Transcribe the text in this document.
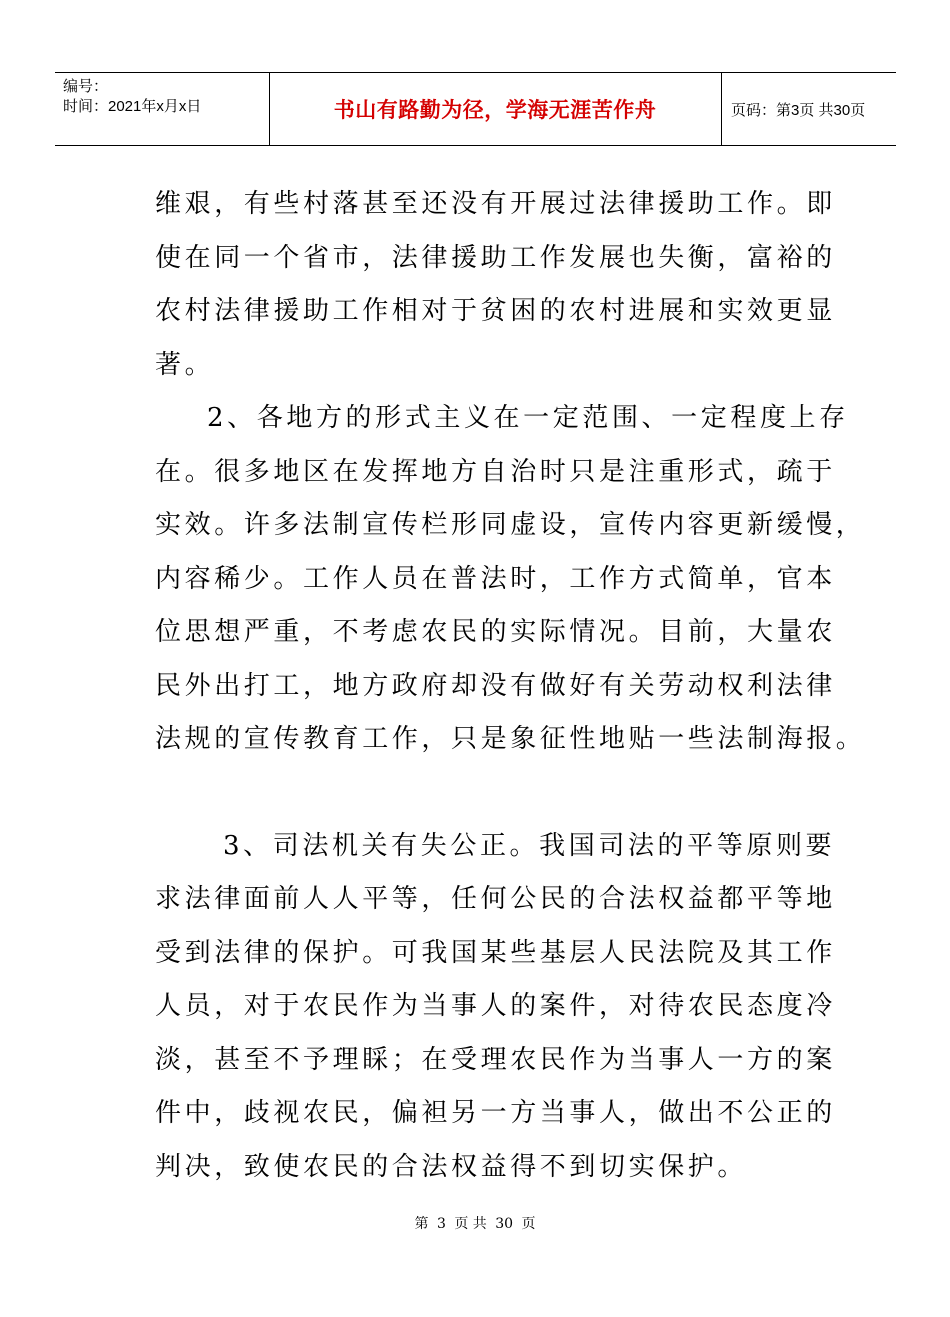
编号：
时间：2021年x月x日	书山有路勤为径，学海无涯苦作舟	页码：第3页 共30页
维艰，有些村落甚至还没有开展过法律援助工作。即
使在同一个省市，法律援助工作发展也失衡，富裕的
农村法律援助工作相对于贫困的农村进展和实效更显
著。
2、各地方的形式主义在一定范围、一定程度上存
在。很多地区在发挥地方自治时只是注重形式，疏于
实效。许多法制宣传栏形同虚设，宣传内容更新缓慢，
内容稀少。工作人员在普法时，工作方式简单，官本
位思想严重，不考虑农民的实际情况。目前，大量农
民外出打工，地方政府却没有做好有关劳动权利法律
法规的宣传教育工作，只是象征性地贴一些法制海报。
3、司法机关有失公正。我国司法的平等原则要
求法律面前人人平等，任何公民的合法权益都平等地
受到法律的保护。可我国某些基层人民法院及其工作
人员，对于农民作为当事人的案件，对待农民态度冷
淡，甚至不予理睬；在受理农民作为当事人一方的案
件中，歧视农民，偏袒另一方当事人，做出不公正的
判决，致使农民的合法权益得不到切实保护。
第 3 页 共 30 页
